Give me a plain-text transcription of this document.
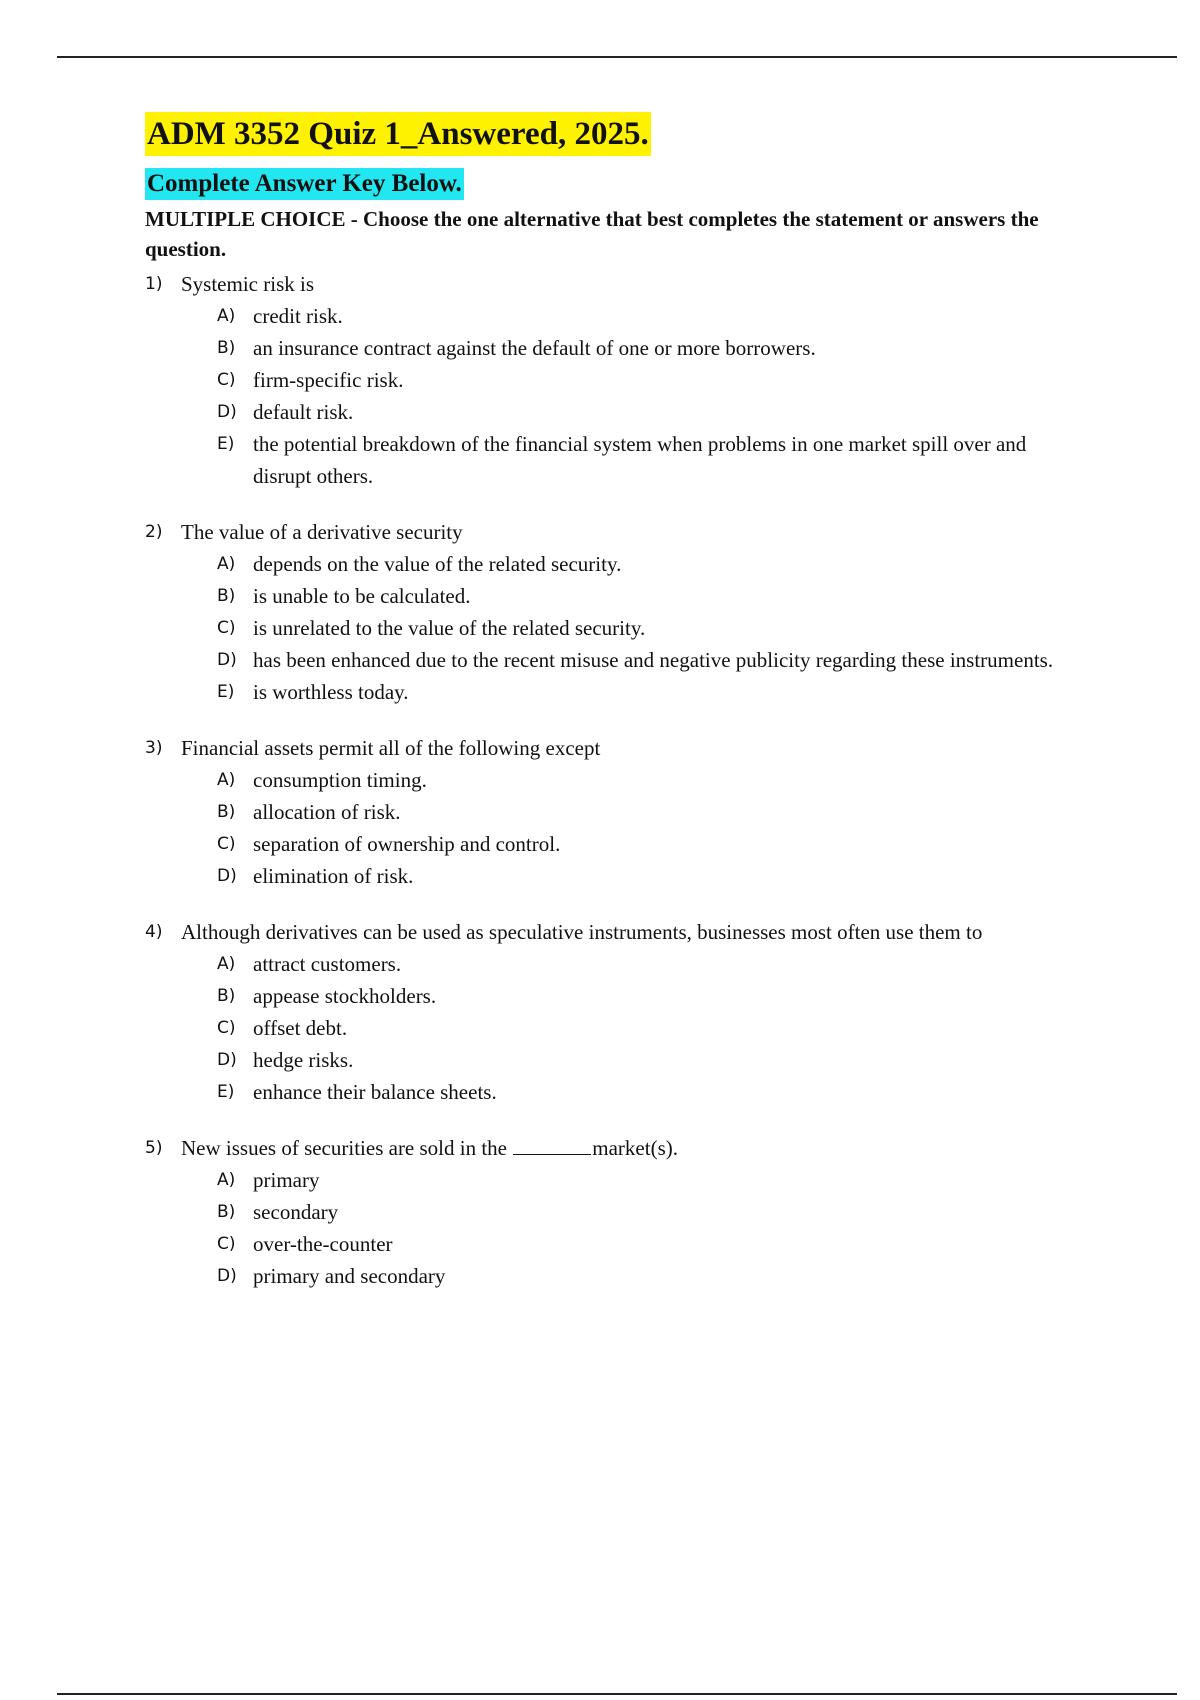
ADM 3352 Quiz 1_Answered, 2025.
Complete Answer Key Below.
MULTIPLE CHOICE - Choose the one alternative that best completes the statement or answers the question.
1) Systemic risk is
A) credit risk.
B) an insurance contract against the default of one or more borrowers.
C) firm-specific risk.
D) default risk.
E) the potential breakdown of the financial system when problems in one market spill over and disrupt others.
2) The value of a derivative security
A) depends on the value of the related security.
B) is unable to be calculated.
C) is unrelated to the value of the related security.
D) has been enhanced due to the recent misuse and negative publicity regarding these instruments.
E) is worthless today.
3) Financial assets permit all of the following except
A) consumption timing.
B) allocation of risk.
C) separation of ownership and control.
D) elimination of risk.
4) Although derivatives can be used as speculative instruments, businesses most often use them to
A) attract customers.
B) appease stockholders.
C) offset debt.
D) hedge risks.
E) enhance their balance sheets.
5) New issues of securities are sold in the	market(s).
A) primary
B) secondary
C) over-the-counter
D) primary and secondary
